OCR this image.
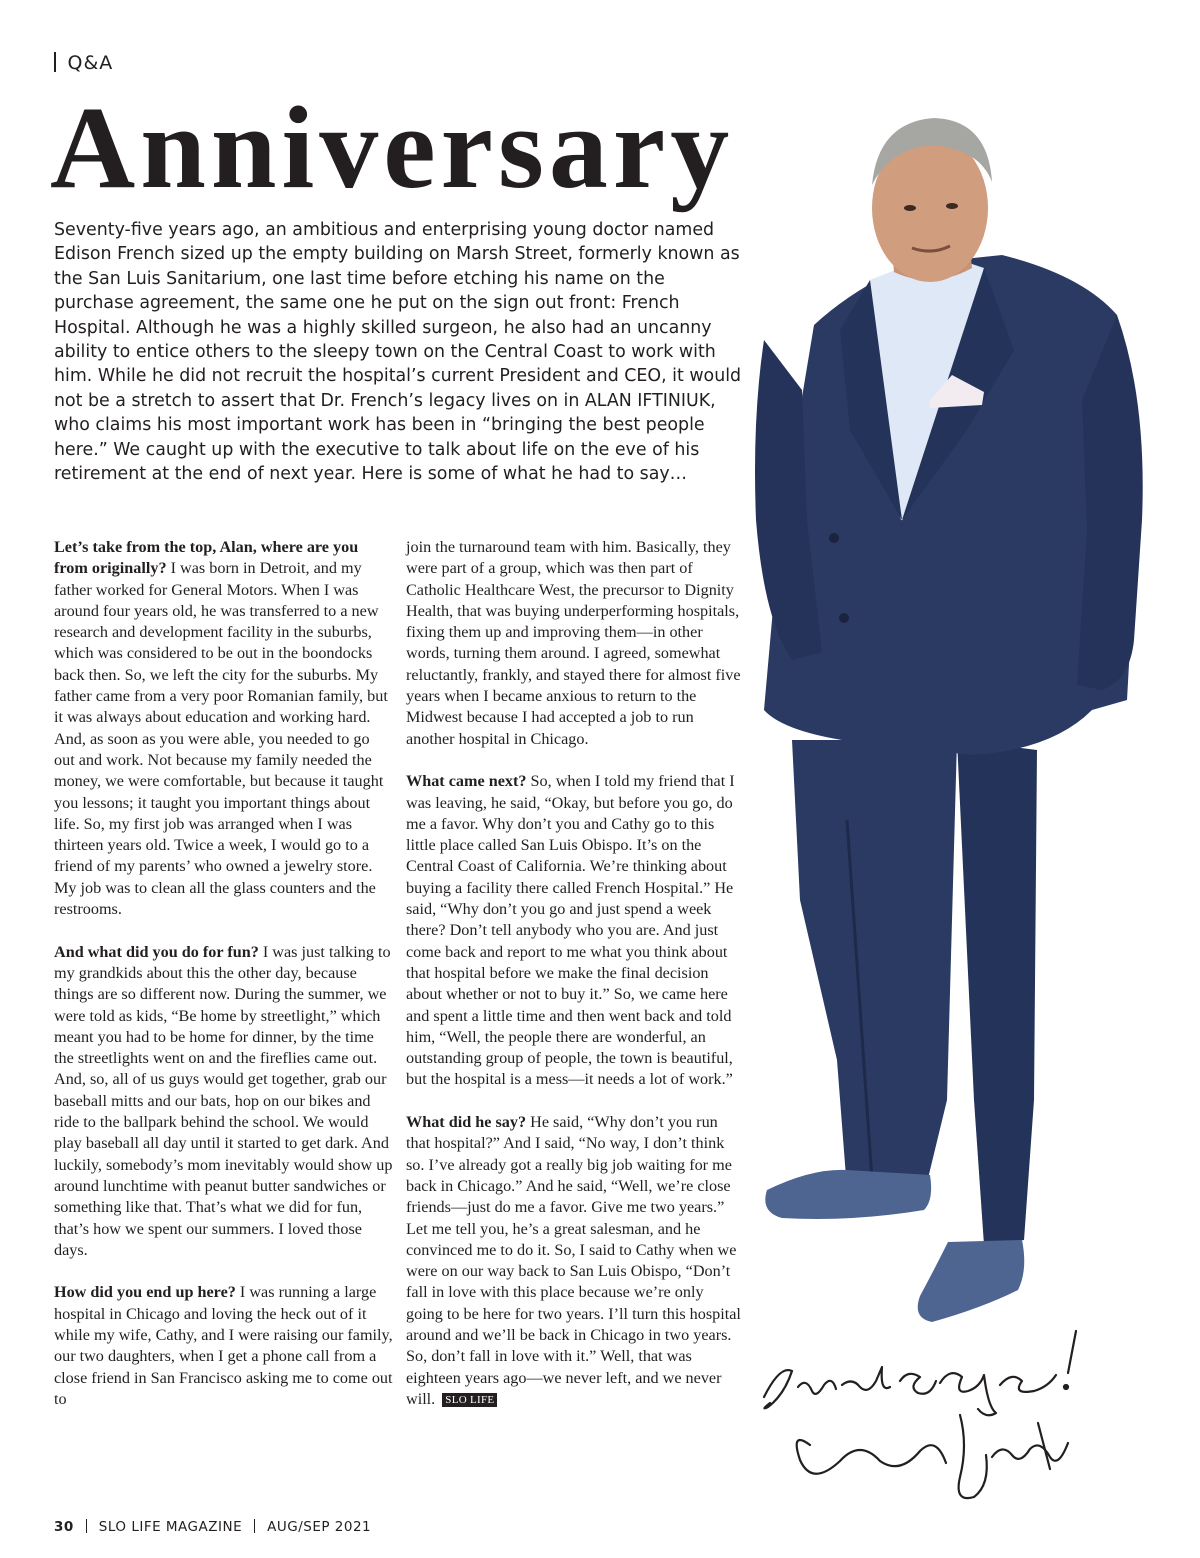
Q&A
Anniversary

Seventy-five years ago, an ambitious and enterprising young doctor named Edison French sized up the empty building on Marsh Street, formerly known as the San Luis Sanitarium, one last time before etching his name on the purchase agreement, the same one he put on the sign out front: French Hospital. Although he was a highly skilled surgeon, he also had an uncanny ability to entice others to the sleepy town on the Central Coast to work with him. While he did not recruit the hospital’s current President and CEO, it would not be a stretch to assert that Dr. French’s legacy lives on in ALAN IFTINIUK, who claims his most important work has been in “bringing the best people here.” We caught up with the executive to talk about life on the eve of his retirement at the end of next year. Here is some of what he had to say…

Let’s take from the top, Alan, where are you from originally? I was born in Detroit, and my father worked for General Motors. When I was around four years old, he was transferred to a new research and development facility in the suburbs, which was considered to be out in the boondocks back then. So, we left the city for the suburbs. My father came from a very poor Romanian family, but it was always about education and working hard. And, as soon as you were able, you needed to go out and work. Not because my family needed the money, we were comfortable, but because it taught you lessons; it taught you important things about life. So, my first job was arranged when I was thirteen years old. Twice a week, I would go to a friend of my parents’ who owned a jewelry store. My job was to clean all the glass counters and the restrooms.

And what did you do for fun? I was just talking to my grandkids about this the other day, because things are so different now. During the summer, we were told as kids, “Be home by streetlight,” which meant you had to be home for dinner, by the time the streetlights went on and the fireflies came out. And, so, all of us guys would get together, grab our baseball mitts and our bats, hop on our bikes and ride to the ballpark behind the school. We would play baseball all day until it started to get dark. And luckily, somebody’s mom inevitably would show up around lunchtime with peanut butter sandwiches or something like that. That’s what we did for fun, that’s how we spent our summers. I loved those days.

How did you end up here? I was running a large hospital in Chicago and loving the heck out of it while my wife, Cathy, and I were raising our family, our two daughters, when I get a phone call from a close friend in San Francisco asking me to come out to

join the turnaround team with him. Basically, they were part of a group, which was then part of Catholic Healthcare West, the precursor to Dignity Health, that was buying underperforming hospitals, fixing them up and improving them—in other words, turning them around. I agreed, somewhat reluctantly, frankly, and stayed there for almost five years when I became anxious to return to the Midwest because I had accepted a job to run another hospital in Chicago.

What came next? So, when I told my friend that I was leaving, he said, “Okay, but before you go, do me a favor. Why don’t you and Cathy go to this little place called San Luis Obispo. It’s on the Central Coast of California. We’re thinking about buying a facility there called French Hospital.” He said, “Why don’t you go and just spend a week there? Don’t tell anybody who you are. And just come back and report to me what you think about that hospital before we make the final decision about whether or not to buy it.” So, we came here and spent a little time and then went back and told him, “Well, the people there are wonderful, an outstanding group of people, the town is beautiful, but the hospital is a mess—it needs a lot of work.”

What did he say? He said, “Why don’t you run that hospital?” And I said, “No way, I don’t think so. I’ve already got a really big job waiting for me back in Chicago.” And he said, “Well, we’re close friends—just do me a favor. Give me two years.” Let me tell you, he’s a great salesman, and he convinced me to do it. So, I said to Cathy when we were on our way back to San Luis Obispo, “Don’t fall in love with this place because we’re only going to be here for two years. I’ll turn this hospital around and we’ll be back in Chicago in two years. So, don’t fall in love with it.” Well, that was eighteen years ago—we never left, and we never will. SLO LIFE

30 SLO LIFE MAGAZINE AUG/SEP 2021
